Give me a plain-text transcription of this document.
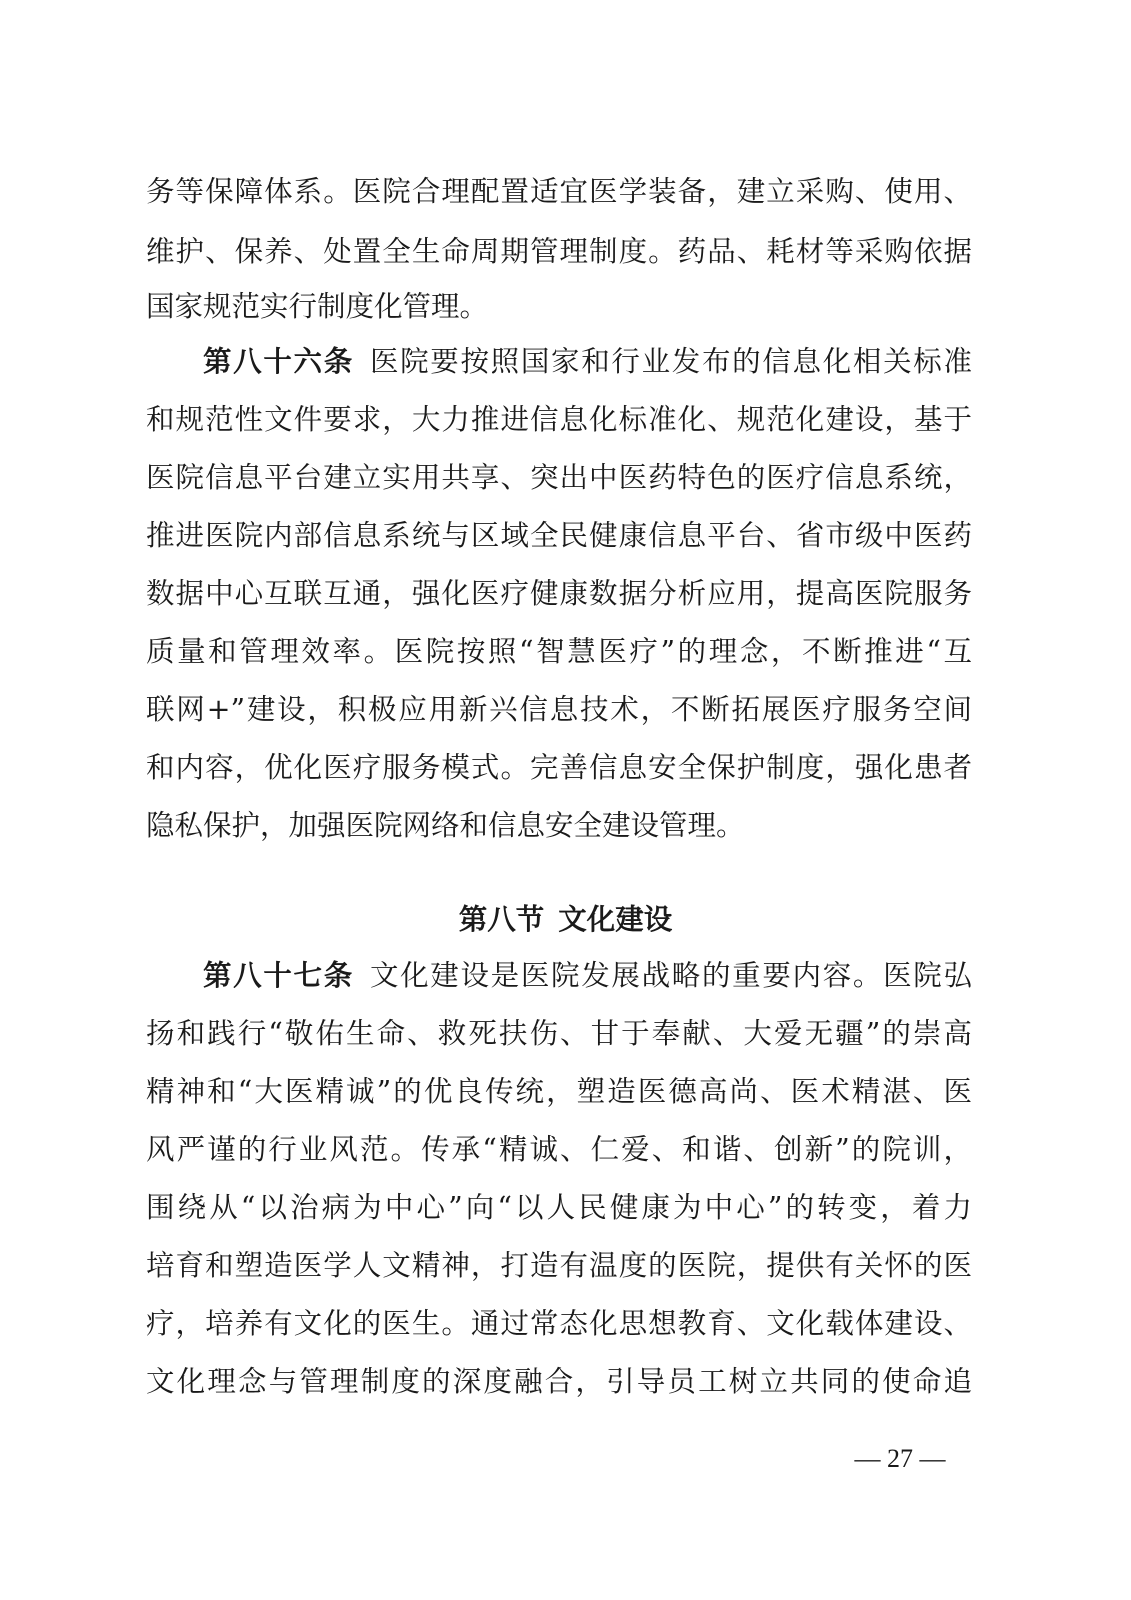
务等保障体系。医院合理配置适宜医学装备，建立采购、使用、
维护、保养、处置全生命周期管理制度。药品、耗材等采购依据
国家规范实行制度化管理。
第八十六条 医院要按照国家和行业发布的信息化相关标准
和规范性文件要求，大力推进信息化标准化、规范化建设，基于
医院信息平台建立实用共享、突出中医药特色的医疗信息系统，
推进医院内部信息系统与区域全民健康信息平台、省市级中医药
数据中心互联互通，强化医疗健康数据分析应用，提高医院服务
质量和管理效率。医院按照“智慧医疗”的理念，不断推进“互
联网+”建设，积极应用新兴信息技术，不断拓展医疗服务空间
和内容，优化医疗服务模式。完善信息安全保护制度，强化患者
隐私保护，加强医院网络和信息安全建设管理。
第八节 文化建设
第八十七条 文化建设是医院发展战略的重要内容。医院弘
扬和践行“敬佑生命、救死扶伤、甘于奉献、大爱无疆”的崇高
精神和“大医精诚”的优良传统，塑造医德高尚、医术精湛、医
风严谨的行业风范。传承“精诚、仁爱、和谐、创新”的院训，
围绕从“以治病为中心”向“以人民健康为中心”的转变，着力
培育和塑造医学人文精神，打造有温度的医院，提供有关怀的医
疗，培养有文化的医生。通过常态化思想教育、文化载体建设、
文化理念与管理制度的深度融合，引导员工树立共同的使命追
— 27 —
